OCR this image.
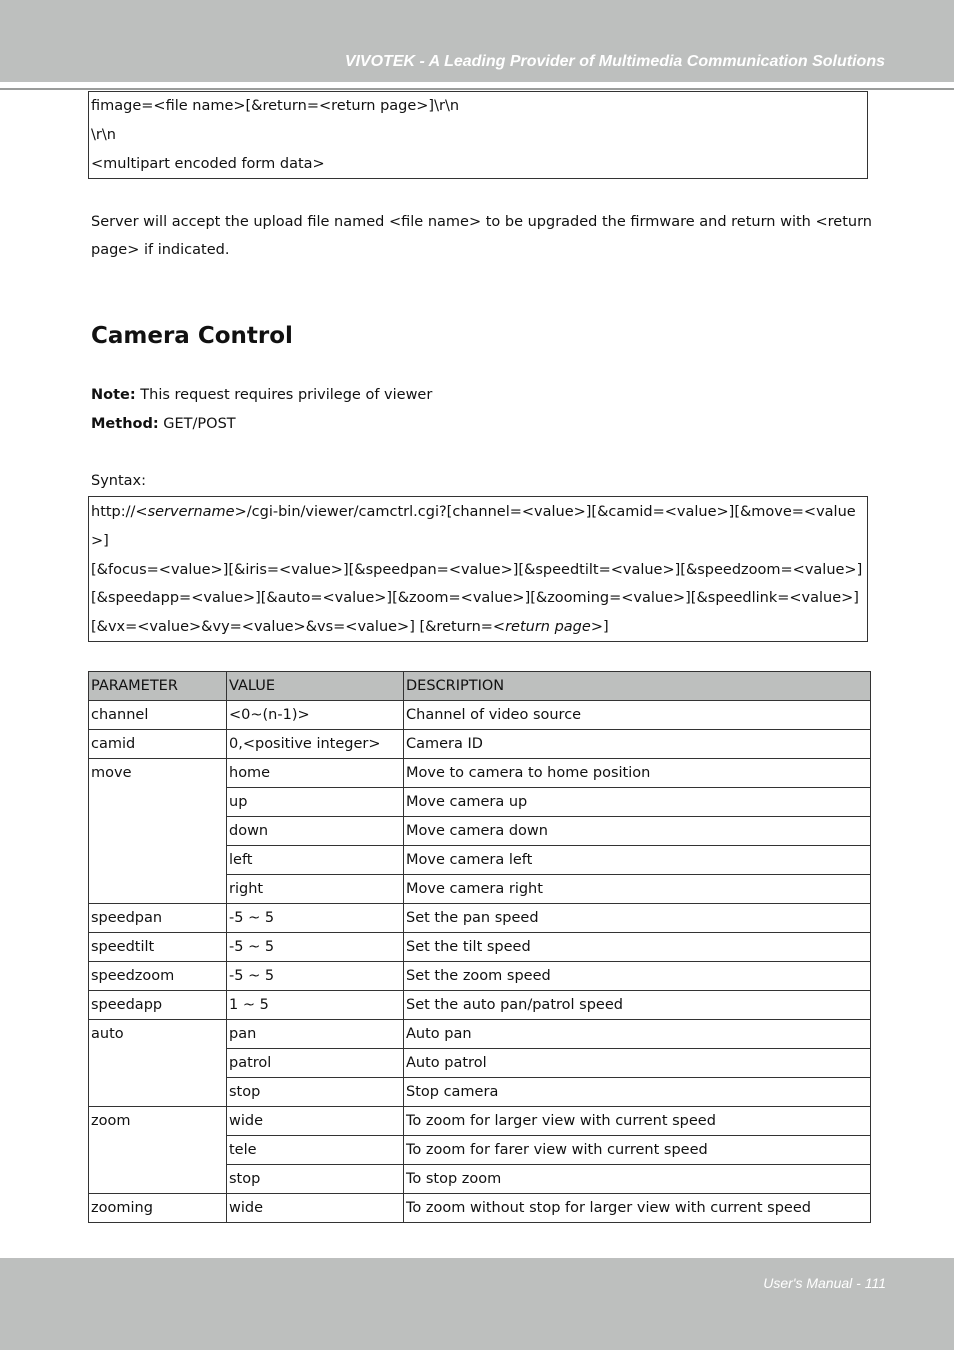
VIVOTEK - A Leading Provider of Multimedia Communication Solutions
fimage=<file name>[&return=<return page>]\r\n
\r\n
<multipart encoded form data>
Server will accept the upload file named <file name> to be upgraded the firmware and return with <return
page> if indicated.
Camera Control
Note: This request requires privilege of viewer
Method: GET/POST
Syntax:
http://<servername>/cgi-bin/viewer/camctrl.cgi?[channel=<value>][&camid=<value>][&move=<value
>]
[&focus=<value>][&iris=<value>][&speedpan=<value>][&speedtilt=<value>][&speedzoom=<value>]
[&speedapp=<value>][&auto=<value>][&zoom=<value>][&zooming=<value>][&speedlink=<value>]
[&vx=<value>&vy=<value>&vs=<value>] [&return=<return page>]
PARAMETER	VALUE	DESCRIPTION
channel	<0~(n-1)>	Channel of video source
camid	0,<positive integer>	Camera ID
move	home	Move to camera to home position
	up	Move camera up
	down	Move camera down
	left	Move camera left
	right	Move camera right
speedpan	-5 ~ 5	Set the pan speed
speedtilt	-5 ~ 5	Set the tilt speed
speedzoom	-5 ~ 5	Set the zoom speed
speedapp	1 ~ 5	Set the auto pan/patrol speed
auto	pan	Auto pan
	patrol	Auto patrol
	stop	Stop camera
zoom	wide	To zoom for larger view with current speed
	tele	To zoom for farer view with current speed
	stop	To stop zoom
zooming	wide	To zoom without stop for larger view with current speed
User's Manual - 111
